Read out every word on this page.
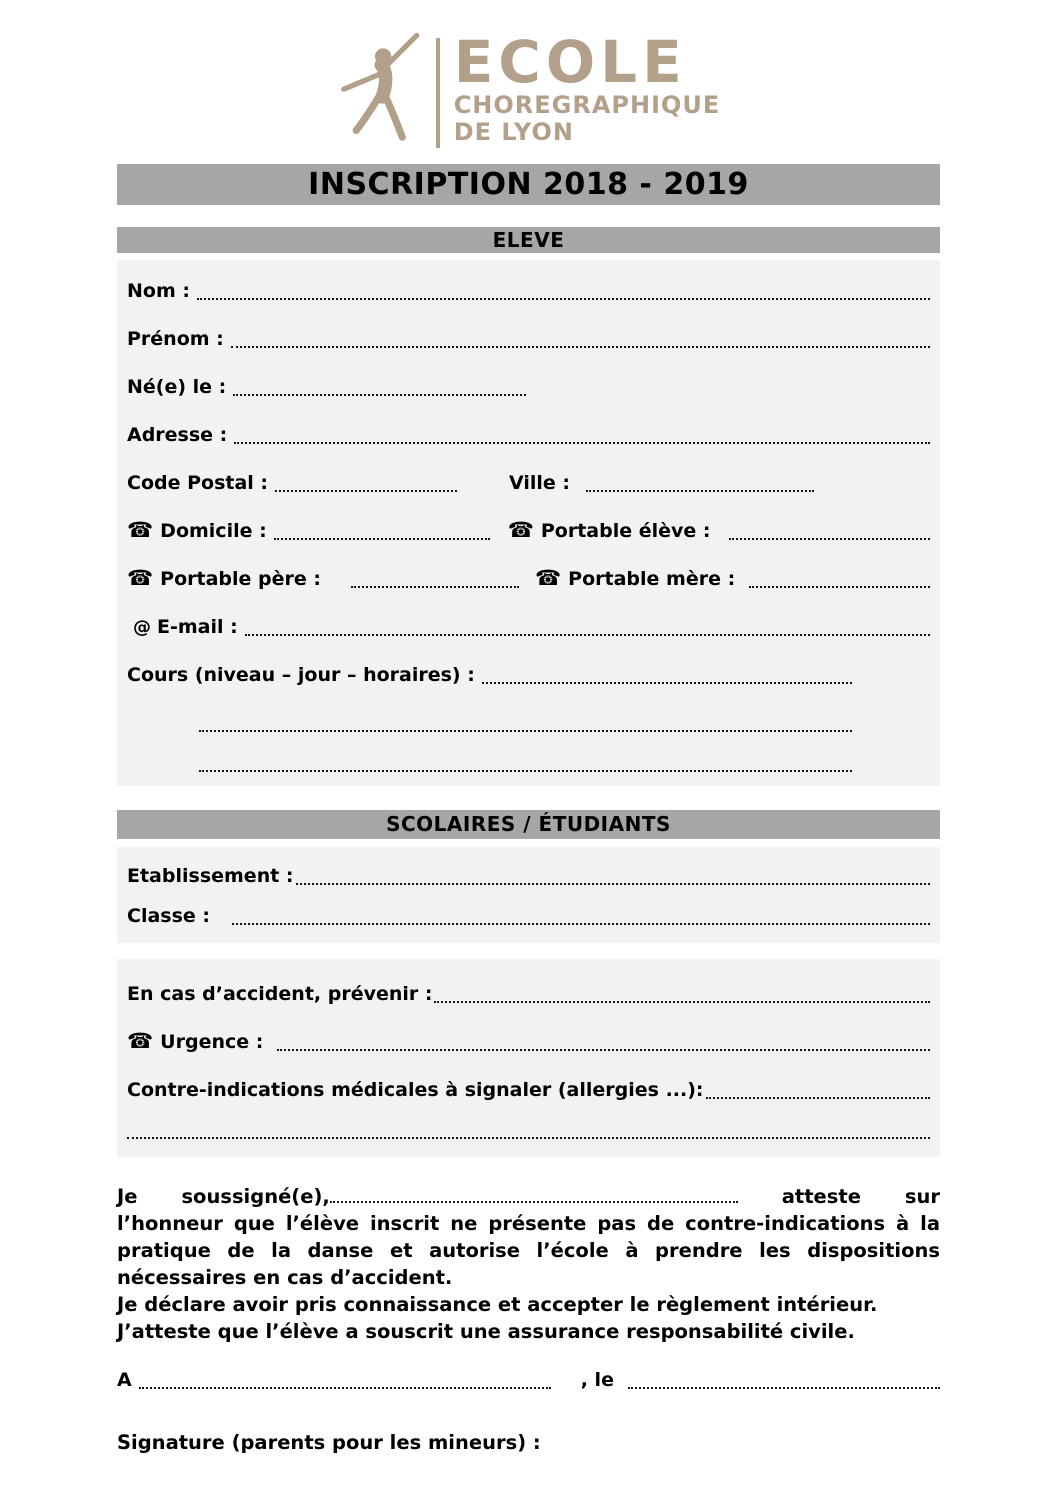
ECOLE
CHOREGRAPHIQUE
DE LYON
INSCRIPTION 2018 - 2019
ELEVE
Nom :
Prénom :
Né(e) le :
Adresse :
Code Postal :	Ville :
☎ Domicile :	☎ Portable élève :
☎ Portable père :	☎ Portable mère :
@ E-mail :
Cours (niveau – jour – horaires) :
SCOLAIRES / ÉTUDIANTS
Etablissement :
Classe :
En cas d’accident, prévenir :
☎ Urgence :
Contre-indications médicales à signaler (allergies ...):

Je soussigné(e),	atteste sur l’honneur que l’élève inscrit ne présente pas de contre-indications à la pratique de la danse et autorise l’école à prendre les dispositions nécessaires en cas d’accident.

Je déclare avoir pris connaissance et accepter le règlement intérieur.

J’atteste que l’élève a souscrit une assurance responsabilité civile.

A	, le
Signature (parents pour les mineurs) :
